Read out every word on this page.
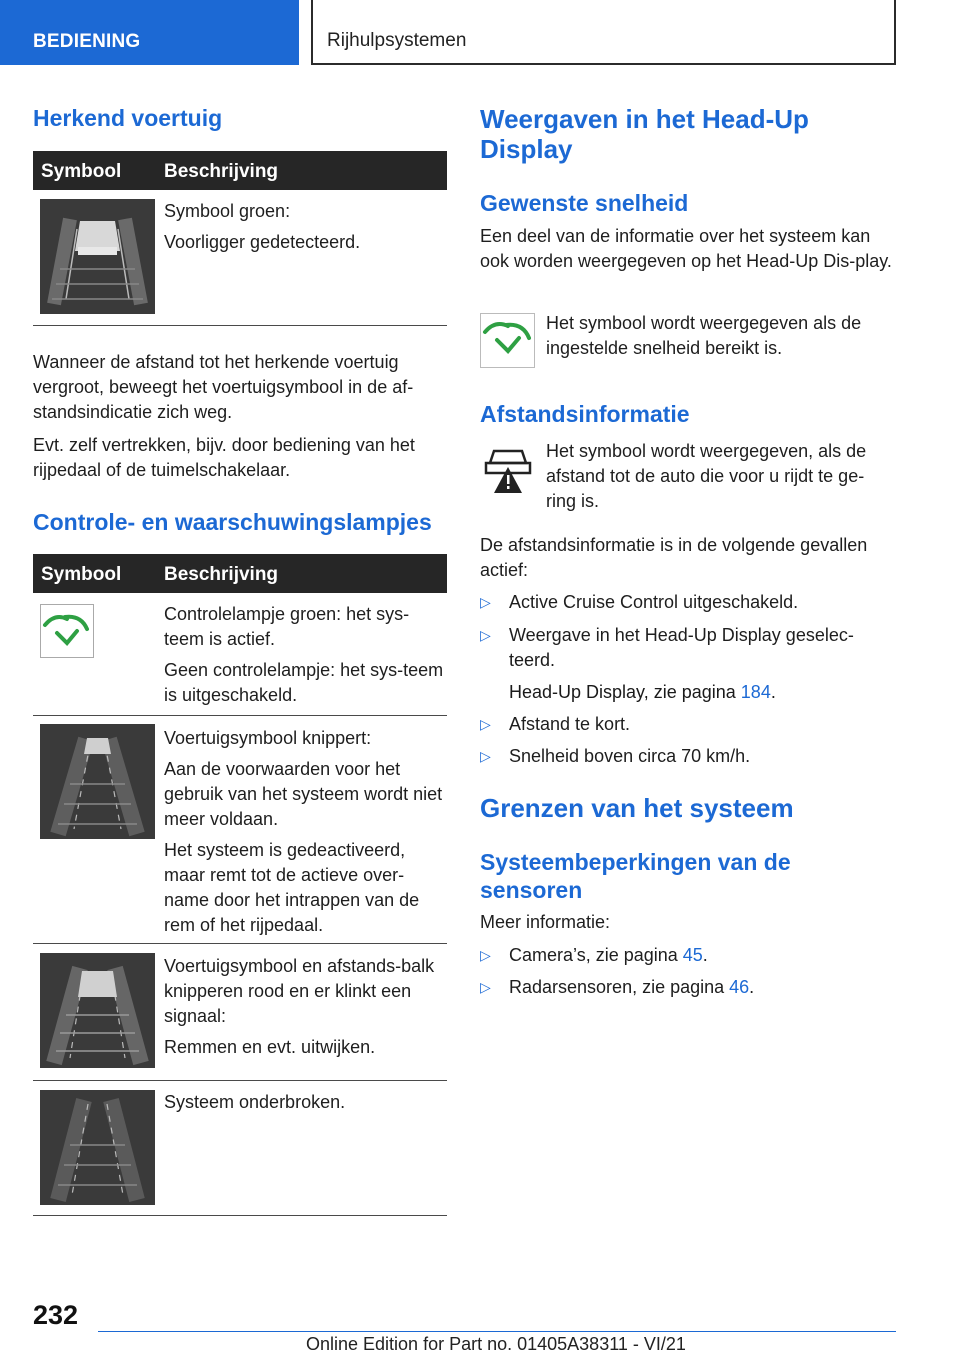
BEDIENING	Rijhulpsystemen
Herkend voertuig
Symbool Beschrijving
Symbool groen:
Voorligger gedetecteerd.

Wanneer de afstand tot het herkende voertuig vergroot, beweegt het voertuigsymbool in de af-standsindicatie zich weg.

Evt. zelf vertrekken, bijv. door bediening van het rijpedaal of de tuimelschakelaar.

Controle- en waarschuwingslampjes
Symbool Beschrijving
Controlelampje groen: het sys-teem is actief.
Geen controlelampje: het sys-teem is uitgeschakeld.
Voertuigsymbool knippert:
Aan de voorwaarden voor het gebruik van het systeem wordt niet meer voldaan.
Het systeem is gedeactiveerd, maar remt tot de actieve over-name door het intrappen van de rem of het rijpedaal.
Voertuigsymbool en afstands-balk knipperen rood en er klinkt een signaal:
Remmen en evt. uitwijken.
Systeem onderbroken.
Weergaven in het Head-Up Display
Gewenste snelheid

Een deel van de informatie over het systeem kan ook worden weergegeven op het Head-Up Dis-play.

Het symbool wordt weergegeven als de ingestelde snelheid bereikt is.

Afstandsinformatie

Het symbool wordt weergegeven, als de afstand tot de auto die voor u rijdt te ge-ring is.

De afstandsinformatie is in de volgende gevallen actief:

▷ Active Cruise Control uitgeschakeld.
▷ Weergave in het Head-Up Display geselec-
teerd.
Head-Up Display, zie pagina 184.
▷ Afstand te kort.
▷ Snelheid boven circa 70 km/h.
Grenzen van het systeem
Systeembeperkingen van de sensoren

Meer informatie:

▷ Camera’s, zie pagina 45.
▷ Radarsensoren, zie pagina 46.
232
Online Edition for Part no. 01405A38311 - VI/21
